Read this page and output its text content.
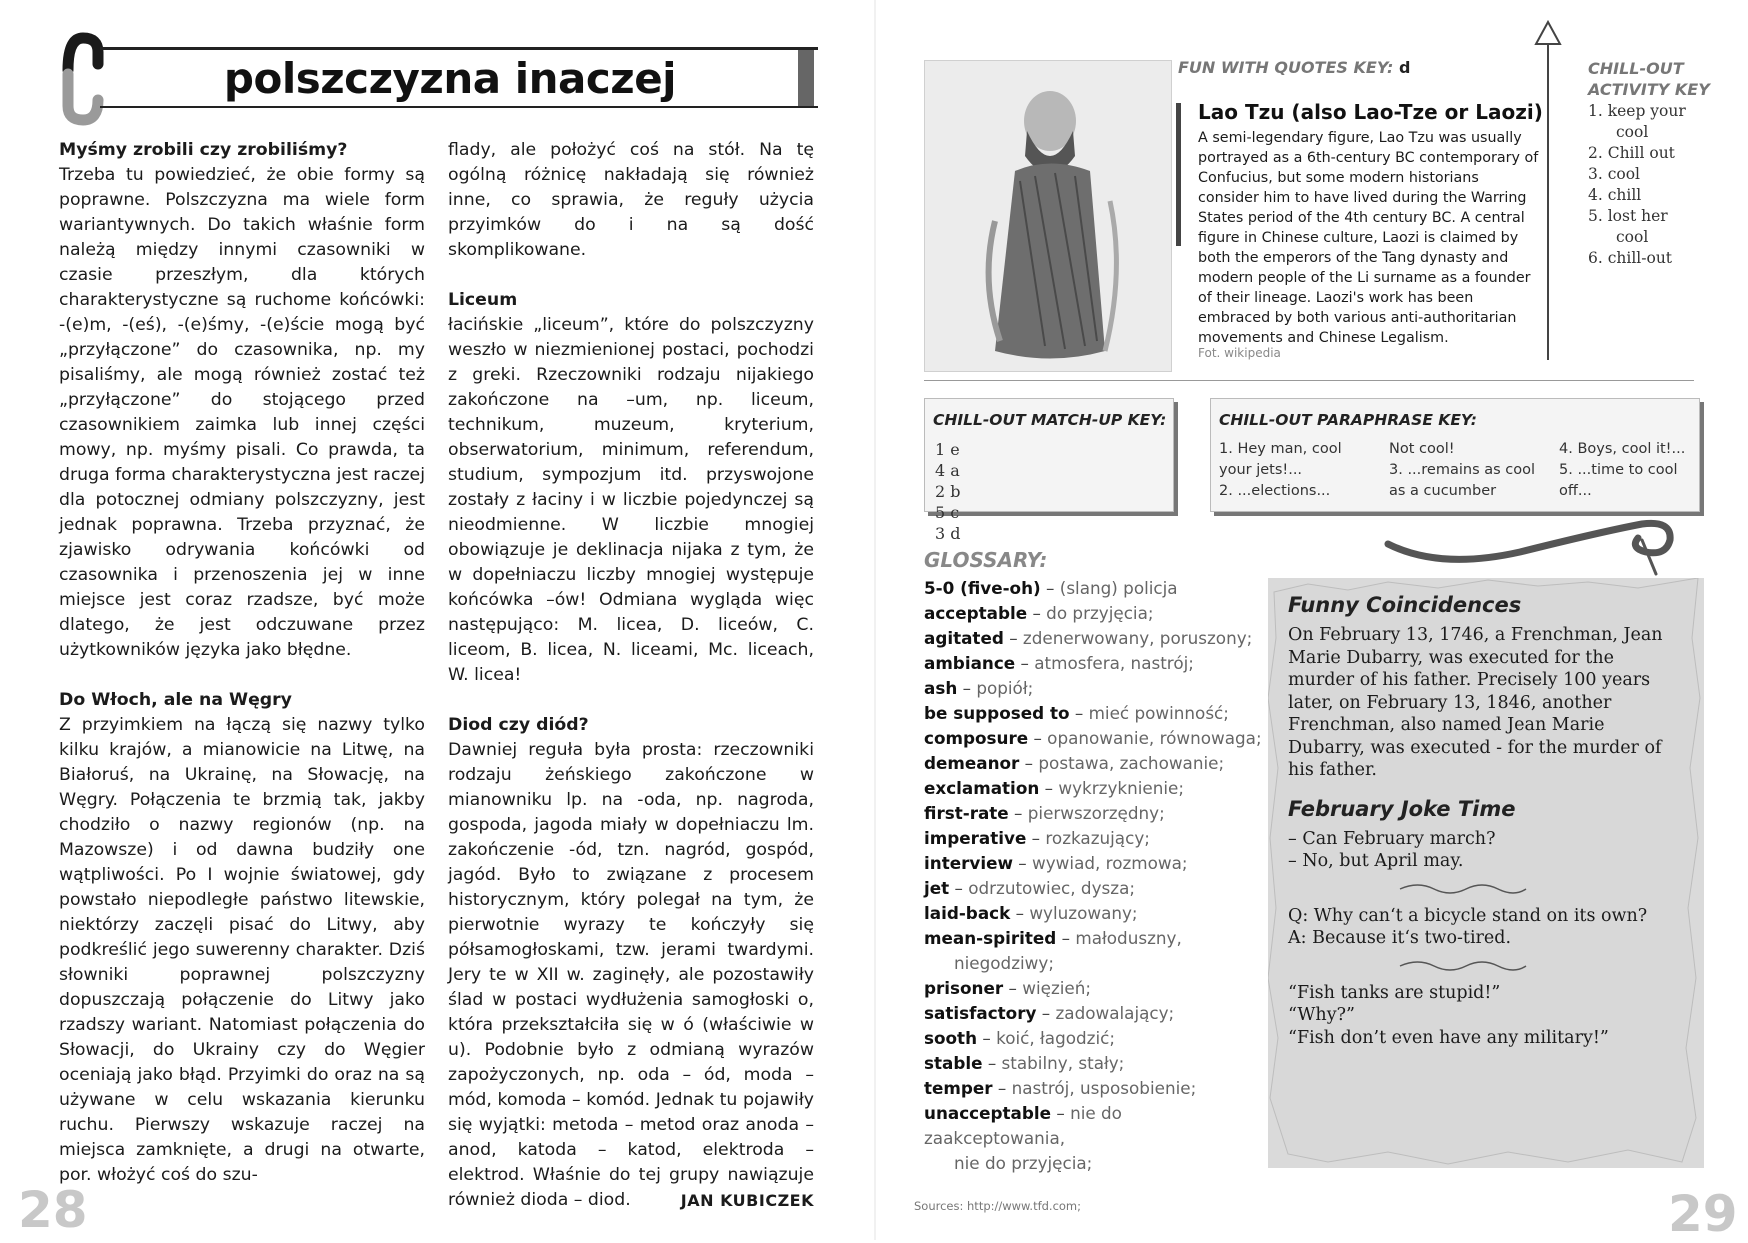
polszczyzna inaczej
Myśmy zrobili czy zrobiliśmy?

Trzeba tu powiedzieć, że obie formy są poprawne. Polszczyzna ma wiele form wariantywnych. Do takich właśnie form należą między innymi czasowniki w czasie przeszłym, dla których charakterystyczne są ruchome końcówki: -(e)m, -(eś), -(e)śmy, -(e)ście mogą być „przyłączone” do czasownika, np. my pisaliśmy, ale mogą również zostać też „przyłączone” do stojącego przed czasownikiem zaimka lub innej części mowy, np. myśmy pisali. Co prawda, ta druga forma charakterystyczna jest raczej dla potocznej odmiany polszczyzny, jest jednak poprawna. Trzeba przyznać, że zjawisko odrywania końcówki od czasownika i przenoszenia jej w inne miejsce jest coraz rzadsze, być może dlatego, że jest odczuwane przez użytkowników języka jako błędne.

Do Włoch, ale na Węgry

Z przyimkiem na łączą się nazwy tylko kilku krajów, a mianowicie na Litwę, na Białoruś, na Ukrainę, na Słowację, na Węgry. Połączenia te brzmią tak, jakby chodziło o nazwy regionów (np. na Mazowsze) i od dawna budziły one wątpliwości. Po I wojnie światowej, gdy powstało niepodległe państwo litewskie, niektórzy zaczęli pisać do Litwy, aby podkreślić jego suwerenny charakter. Dziś słowniki poprawnej polszczyzny dopuszczają połączenie do Litwy jako rzadszy wariant. Natomiast połączenia do Słowacji, do Ukrainy czy do Węgier oceniają jako błąd. Przyimki do oraz na są używane w celu wskazania kierunku ruchu. Pierwszy wskazuje raczej na miejsca zamknięte, a drugi na otwarte, por. włożyć coś do szu-

flady, ale położyć coś na stół. Na tę ogólną różnicę nakładają się również inne, co sprawia, że reguły użycia przyimków do i na są dość skomplikowane.

Liceum

łacińskie „liceum”, które do polszczyzny weszło w niezmienionej postaci, pochodzi z greki. Rzeczowniki rodzaju nijakiego zakończone na –um, np. liceum, technikum, muzeum, kryterium, obserwatorium, minimum, referendum, studium, sympozjum itd. przyswojone zostały z łaciny i w liczbie pojedynczej są nieodmienne. W liczbie mnogiej obowiązuje je deklinacja nijaka z tym, że w dopełniaczu liczby mnogiej występuje końcówka –ów! Odmiana wygląda więc następująco: M. licea, D. liceów, C. liceom, B. licea, N. liceami, Mc. liceach, W. licea!

Diod czy diód?

Dawniej reguła była prosta: rzeczowniki rodzaju żeńskiego zakończone w mianowniku lp. na -oda, np. nagroda, gospoda, jagoda miały w dopełniaczu lm. zakończenie -ód, tzn. nagród, gospód, jagód. Było to związane z procesem historycznym, który polegał na tym, że pierwotnie wyrazy te kończyły się półsamogłoskami, tzw. jerami twardymi. Jery te w XII w. zaginęły, ale pozostawiły ślad w postaci wydłużenia samogłoski o, która przekształciła się w ó (właściwie w u). Podobnie było z odmianą wyrazów zapożyczonych, np. oda – ód, moda – mód, komoda – komód. Jednak tu pojawiły się wyjątki: metoda – metod oraz anoda – anod, katoda – katod, elektroda – elektrod. Właśnie do tej grupy nawiązuje również dioda – diod.	JAN KUBICZEK

28
FUN WITH QUOTES KEY: d
Lao Tzu (also Lao-Tze or Laozi)
A semi-legendary figure, Lao Tzu was usually portrayed as a 6th-century BC contemporary of Confucius, but some modern historians consider him to have lived during the Warring States period of the 4th century BC. A central figure in Chinese culture, Laozi is claimed by both the emperors of the Tang dynasty and modern people of the Li surname as a founder of their lineage. Laozi's work has been embraced by both various anti-authoritarian movements and Chinese Legalism.
Fot. wikipedia
CHILL-OUT
ACTIVITY KEY
1. keep your
cool
2. Chill out
3. cool
4. chill
5. lost her
cool
6. chill-out
CHILL-OUT MATCH-UP KEY:
1 e4 a
2 b5 c
3 d
CHILL-OUT PARAPHRASE KEY:
1. Hey man, cool
your jets!...
2. ...elections...
Not cool!
3. ...remains as cool
as a cucumber
4. Boys, cool it!...
5. ...time to cool
off...
GLOSSARY:
5-0 (five-oh) – (slang) policja
acceptable – do przyjęcia;
agitated – zdenerwowany, poruszony;
ambiance – atmosfera, nastrój;
ash – popiół;
be supposed to – mieć powinność;
composure – opanowanie, równowaga;
demeanor – postawa, zachowanie;
exclamation – wykrzyknienie;
first-rate – pierwszorzędny;
imperative – rozkazujący;
interview – wywiad, rozmowa;
jet – odrzutowiec, dysza;
laid-back – wyluzowany;
mean-spirited – małoduszny,
niegodziwy;
prisoner – więzień;
satisfactory – zadowalający;
sooth – koić, łagodzić;
stable – stabilny, stały;
temper – nastrój, usposobienie;
unacceptable – nie do zaakceptowania,
nie do przyjęcia;
Funny Coincidences

On February 13, 1746, a Frenchman, Jean Marie Dubarry, was executed for the murder of his father. Precisely 100 years later, on February 13, 1846, another Frenchman, also named Jean Marie Dubarry, was executed - for the murder of his father.

February Joke Time

– Can February march?

– No, but April may.

Q: Why can‘t a bicycle stand on its own?

A: Because it‘s two-tired.

“Fish tanks are stupid!”

“Why?”

“Fish don’t even have any military!”

Sources: http://www.tfd.com;	29
